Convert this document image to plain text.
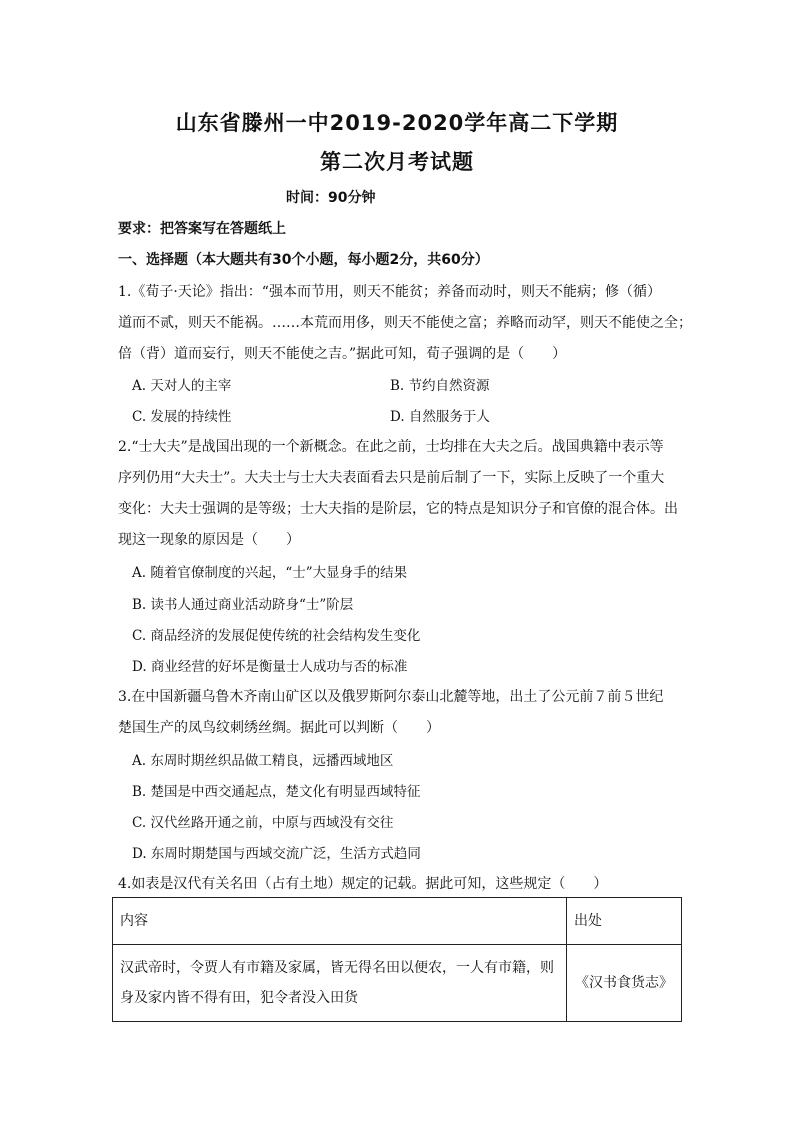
山东省滕州一中2019-2020学年高二下学期
第二次月考试题
时间：90分钟
要求：把答案写在答题纸上
一、选择题（本大题共有30个小题，每小题2分，共60分）
1.《荀子·天论》指出：“强本而节用，则天不能贫；养备而动时，则天不能病；修（循）
道而不贰，则天不能祸。……本荒而用侈，则天不能使之富；养略而动罕，则天不能使之全；
倍（背）道而妄行，则天不能使之吉。”据此可知，荀子强调的是（　　）
A. 天对人的主宰	B. 节约自然资源
C. 发展的持续性	D. 自然服务于人
2.“士大夫”是战国出现的一个新概念。在此之前，士均排在大夫之后。战国典籍中表示等
序列仍用“大夫士”。大夫士与士大夫表面看去只是前后制了一下，实际上反映了一个重大
变化：大夫士强调的是等级；士大夫指的是阶层，它的特点是知识分子和官僚的混合体。出
现这一现象的原因是（　　）
A. 随着官僚制度的兴起，“士”大显身手的结果
B. 读书人通过商业活动跻身“士”阶层
C. 商品经济的发展促使传统的社会结构发生变化
D. 商业经营的好坏是衡量士人成功与否的标准
3.在中国新疆乌鲁木齐南山矿区以及俄罗斯阿尔泰山北麓等地，出土了公元前７前５世纪
楚国生产的凤鸟纹刺绣丝绸。据此可以判断（　　）
A. 东周时期丝织品做工精良，远播西域地区
B. 楚国是中西交通起点，楚文化有明显西域特征
C. 汉代丝路开通之前，中原与西域没有交往
D. 东周时期楚国与西域交流广泛，生活方式趋同
4.如表是汉代有关名田（占有土地）规定的记载。据此可知，这些规定（　　）
内容	出处

汉武帝时，令贾人有市籍及家属，皆无得名田以便农，一人有市籍，则
身及家内皆不得有田，犯令者没入田货	《汉书食货志》
